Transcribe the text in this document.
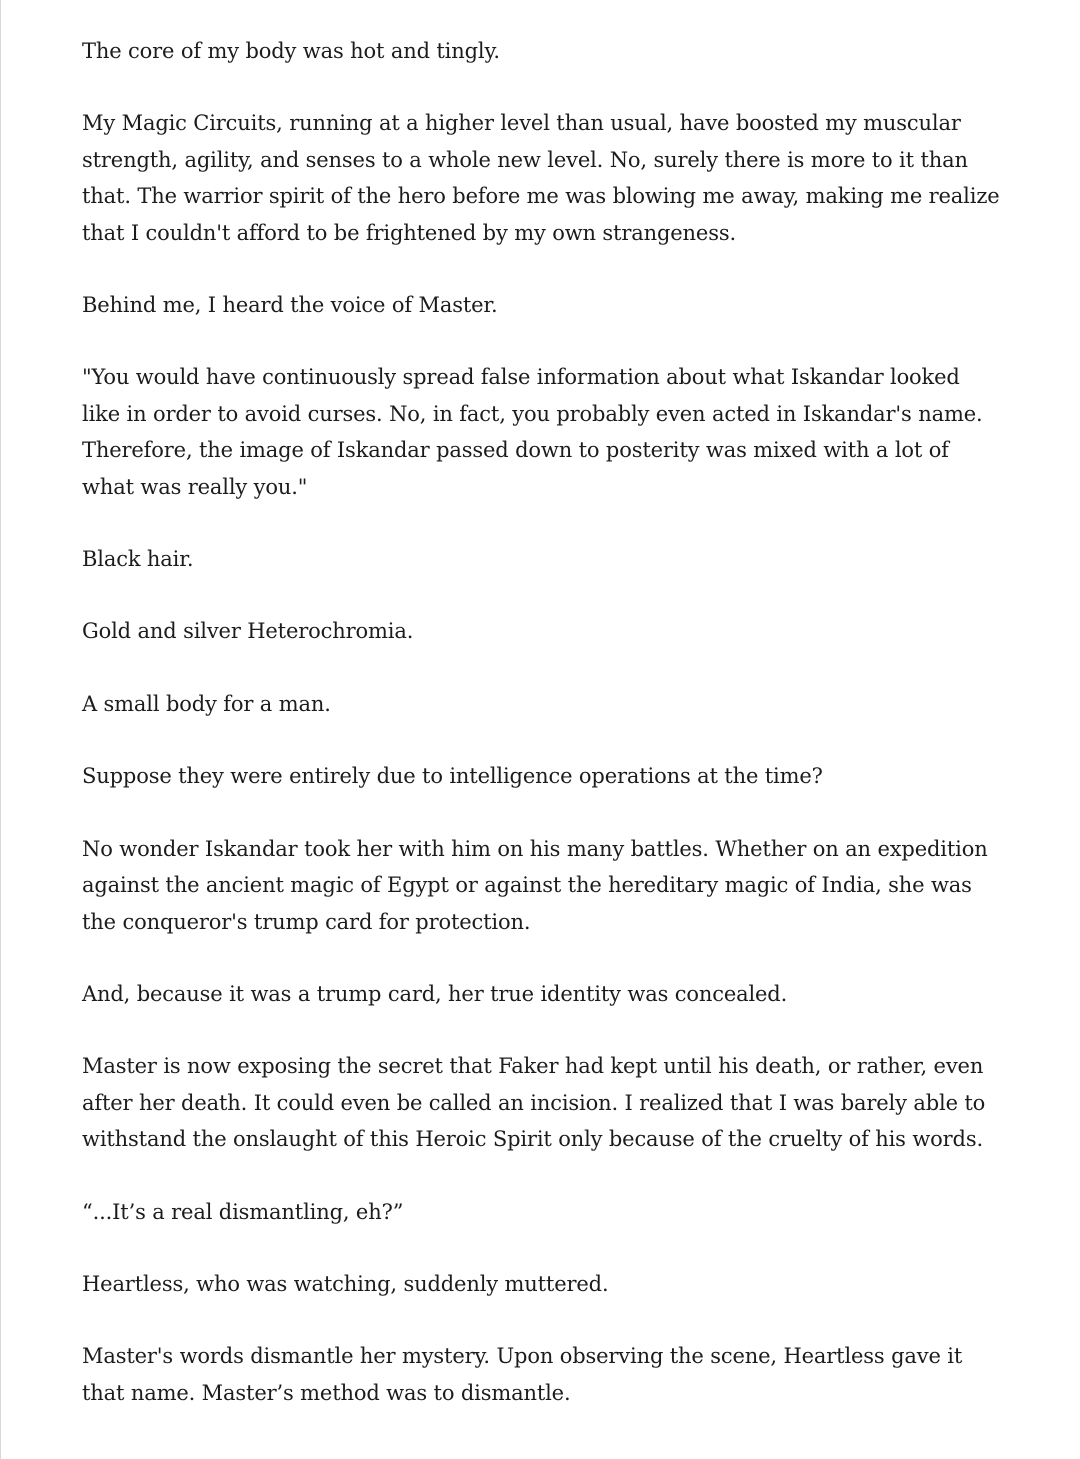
The core of my body was hot and tingly.

My Magic Circuits, running at a higher level than usual, have boosted my muscular strength, agility, and senses to a whole new level. No, surely there is more to it than that. The warrior spirit of the hero before me was blowing me away, making me realize that I couldn't afford to be frightened by my own strangeness.

Behind me, I heard the voice of Master.

"You would have continuously spread false information about what Iskandar looked like in order to avoid curses. No, in fact, you probably even acted in Iskandar's name. Therefore, the image of Iskandar passed down to posterity was mixed with a lot of what was really you."

Black hair.

Gold and silver Heterochromia.

A small body for a man.

Suppose they were entirely due to intelligence operations at the time?

No wonder Iskandar took her with him on his many battles. Whether on an expedition against the ancient magic of Egypt or against the hereditary magic of India, she was the conqueror's trump card for protection.

And, because it was a trump card, her true identity was concealed.

Master is now exposing the secret that Faker had kept until his death, or rather, even after her death. It could even be called an incision. I realized that I was barely able to withstand the onslaught of this Heroic Spirit only because of the cruelty of his words.

“...It’s a real dismantling, eh?”

Heartless, who was watching, suddenly muttered.

Master's words dismantle her mystery. Upon observing the scene, Heartless gave it that name. Master’s method was to dismantle.
